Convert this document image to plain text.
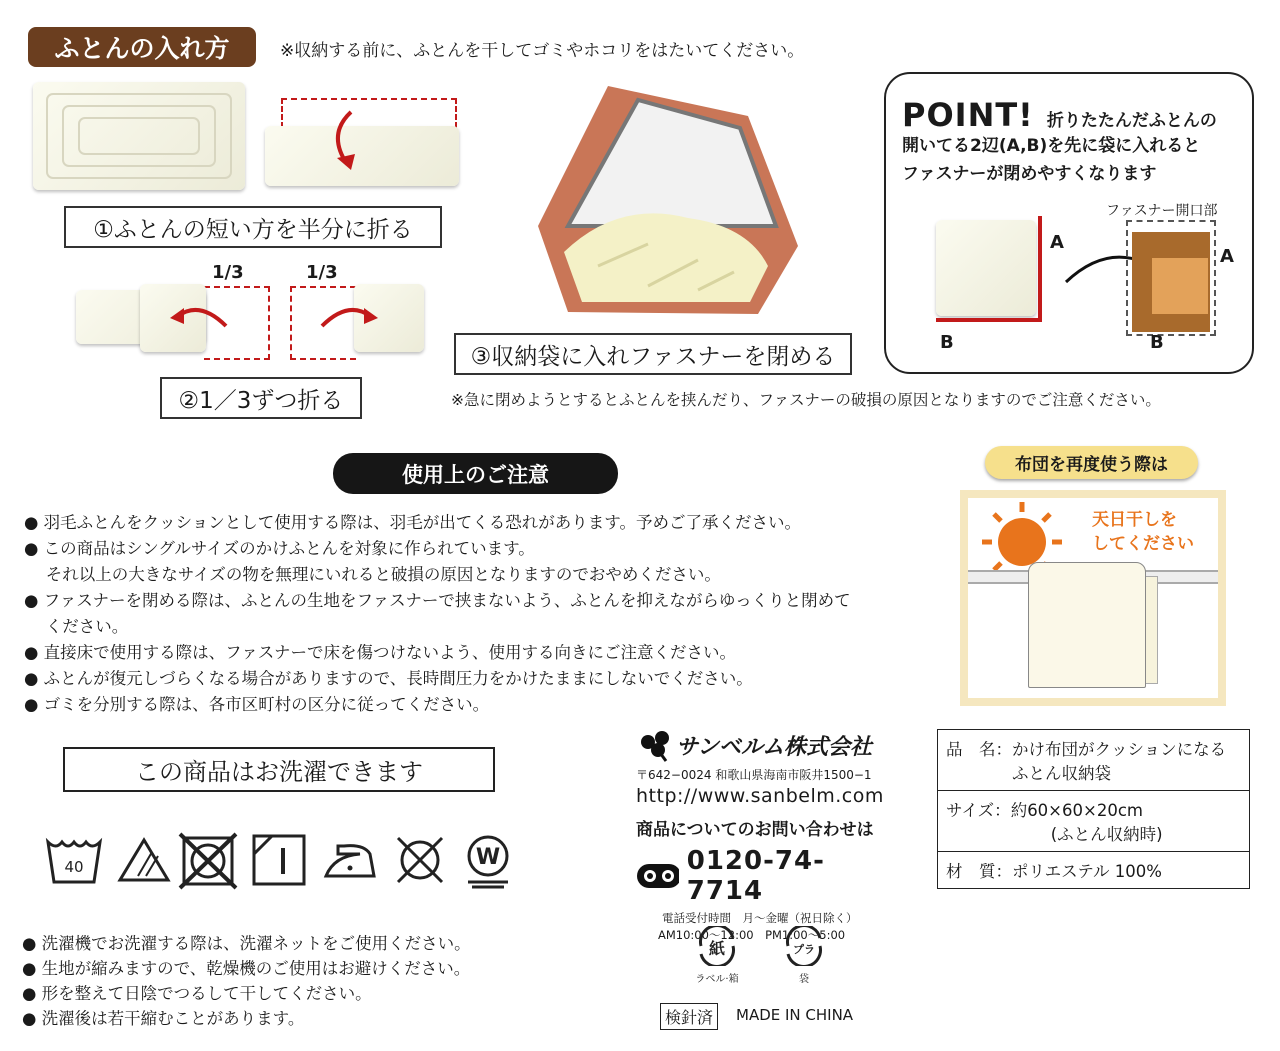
ふとんの入れ方	※収納する前に、ふとんを干してゴミやホコリをはたいてください。
①ふとんの短い方を半分に折る
1/3	1/3
②1／3ずつ折る
③収納袋に入れファスナーを閉める
POINT! 折りたたんだふとんの
開いてる2辺(A,B)を先に袋に入れると
ファスナーが閉めやすくなります
ファスナー開口部
A
B
A
B
※急に閉めようとするとふとんを挟んだり、ファスナーの破損の原因となりますのでご注意ください。
使用上のご注意
● 羽毛ふとんをクッションとして使用する際は、羽毛が出てくる恐れがあります。予めご了承ください。
● この商品はシングルサイズのかけふとんを対象に作られています。
　 それ以上の大きなサイズの物を無理にいれると破損の原因となりますのでおやめください。
● ファスナーを閉める際は、ふとんの生地をファスナーで挟まないよう、ふとんを抑えながらゆっくりと閉めて
　 ください。
● 直接床で使用する際は、ファスナーで床を傷つけないよう、使用する向きにご注意ください。
● ふとんが復元しづらくなる場合がありますので、長時間圧力をかけたままにしないでください。
● ゴミを分別する際は、各市区町村の区分に従ってください。
この商品はお洗濯できます
40	W
● 洗濯機でお洗濯する際は、洗濯ネットをご使用ください。
● 生地が縮みますので、乾燥機のご使用はお避けください。
● 形を整えて日陰でつるして干してください。
● 洗濯後は若干縮むことがあります。
サンベルム株式会社
〒642−0024 和歌山県海南市阪井1500−1
http://www.sanbelm.com
商品についてのお問い合わせは
0120-74-7714
電話受付時間　月〜金曜（祝日除く）
AM10:00〜12:00　PM1:00〜5:00
紙
ラベル·箱
プラ
袋
検針済	MADE IN CHINA
布団を再度使う際は
天日干しを
してください
品　名： かけ布団がクッションになる
ふとん収納袋
サイズ： 約60×60×20cm
(ふとん収納時)
材　質： ポリエステル 100%
